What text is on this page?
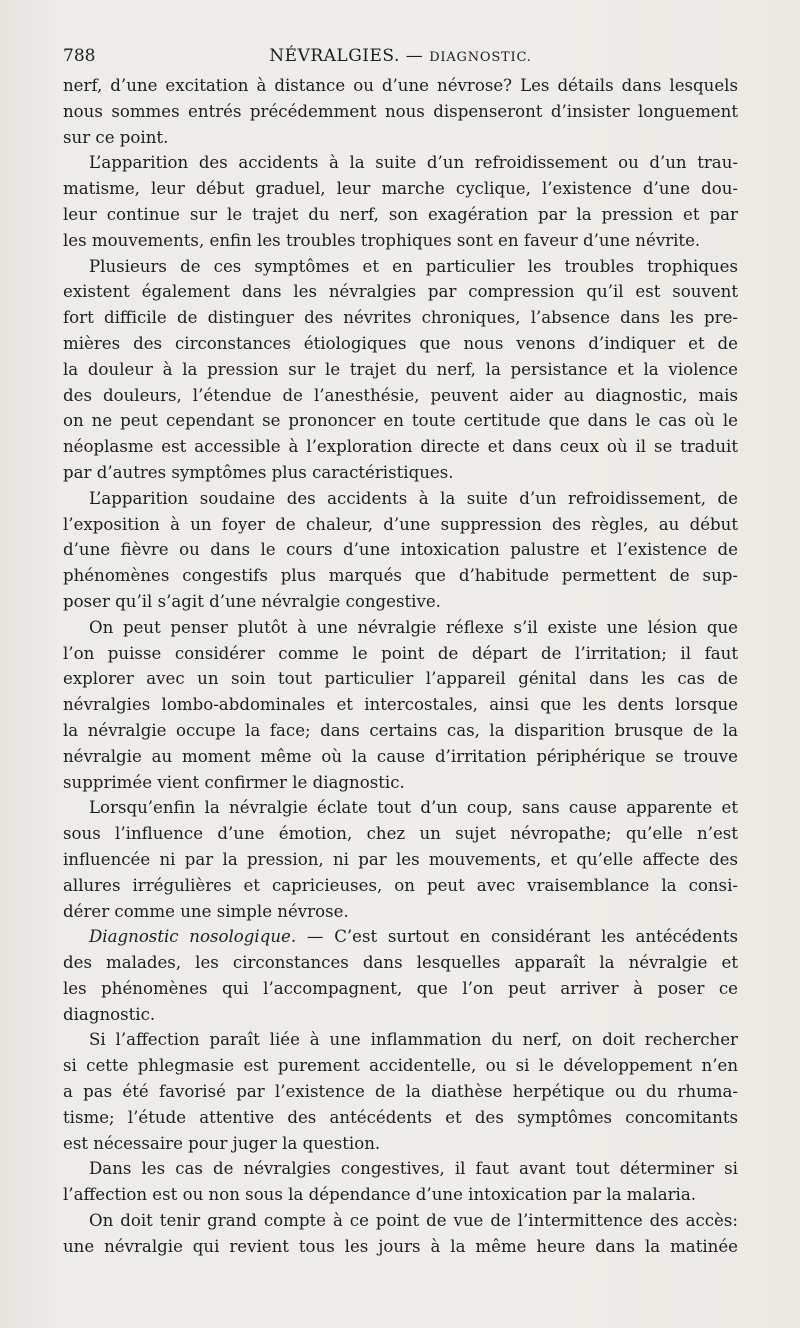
788	NÉVRALGIES. — DIAGNOSTIC.
nerf, d’une excitation à distance ou d’une névrose? Les détails dans lesquels
nous sommes entrés précédemment nous dispenseront d’insister longuement
sur ce point.
L’apparition des accidents à la suite d’un refroidissement ou d’un trau-
matisme, leur début graduel, leur marche cyclique, l’existence d’une dou-
leur continue sur le trajet du nerf, son exagération par la pression et par
les mouvements, enfin les troubles trophiques sont en faveur d’une névrite.
Plusieurs de ces symptômes et en particulier les troubles trophiques
existent également dans les névralgies par compression qu’il est souvent
fort difficile de distinguer des névrites chroniques, l’absence dans les pre-
mières des circonstances étiologiques que nous venons d’indiquer et de
la douleur à la pression sur le trajet du nerf, la persistance et la violence
des douleurs, l’étendue de l’anesthésie, peuvent aider au diagnostic, mais
on ne peut cependant se prononcer en toute certitude que dans le cas où le
néoplasme est accessible à l’exploration directe et dans ceux où il se traduit
par d’autres symptômes plus caractéristiques.
L’apparition soudaine des accidents à la suite d’un refroidissement, de
l’exposition à un foyer de chaleur, d’une suppression des règles, au début
d’une fièvre ou dans le cours d’une intoxication palustre et l’existence de
phénomènes congestifs plus marqués que d’habitude permettent de sup-
poser qu’il s’agit d’une névralgie congestive.
On peut penser plutôt à une névralgie réflexe s’il existe une lésion que
l’on puisse considérer comme le point de départ de l’irritation; il faut
explorer avec un soin tout particulier l’appareil génital dans les cas de
névralgies lombo-abdominales et intercostales, ainsi que les dents lorsque
la névralgie occupe la face; dans certains cas, la disparition brusque de la
névralgie au moment même où la cause d’irritation périphérique se trouve
supprimée vient confirmer le diagnostic.
Lorsqu’enfin la névralgie éclate tout d’un coup, sans cause apparente et
sous l’influence d’une émotion, chez un sujet névropathe; qu’elle n’est
influencée ni par la pression, ni par les mouvements, et qu’elle affecte des
allures irrégulières et capricieuses, on peut avec vraisemblance la consi-
dérer comme une simple névrose.
Diagnostic nosologique. — C’est surtout en considérant les antécédents
des malades, les circonstances dans lesquelles apparaît la névralgie et
les phénomènes qui l’accompagnent, que l’on peut arriver à poser ce
diagnostic.
Si l’affection paraît liée à une inflammation du nerf, on doit rechercher
si cette phlegmasie est purement accidentelle, ou si le développement n’en
a pas été favorisé par l’existence de la diathèse herpétique ou du rhuma-
tisme; l’étude attentive des antécédents et des symptômes concomitants
est nécessaire pour juger la question.
Dans les cas de névralgies congestives, il faut avant tout déterminer si
l’affection est ou non sous la dépendance d’une intoxication par la malaria.
On doit tenir grand compte à ce point de vue de l’intermittence des accès:
une névralgie qui revient tous les jours à la même heure dans la matinée
